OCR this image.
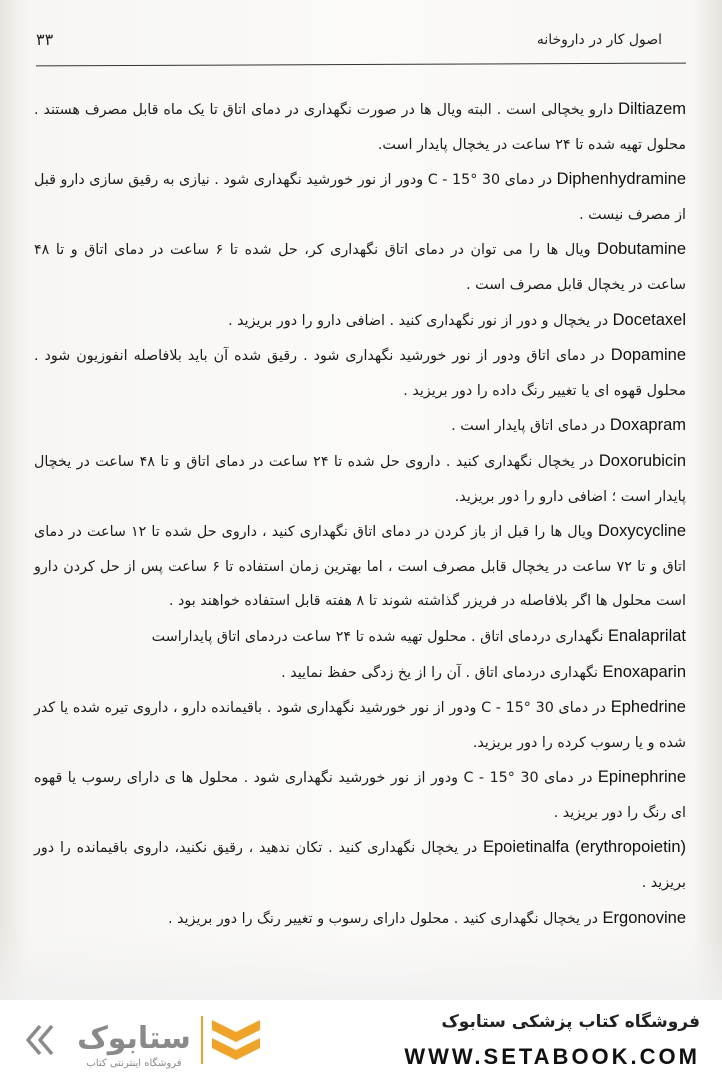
۳۳	اصول کار در داروخانه

Diltiazem دارو یخچالی است . البته ویال ها در صورت نگهداری در دمای اتاق تا یک ماه قابل مصرف هستند . محلول تهیه شده تا ۲۴ ساعت در یخچال پایدار است.

Diphenhydramine در دمای 30 °C - 15 ودور از نور خورشید نگهداری شود . نیازی به رقیق سازی دارو قبل از مصرف نیست .

Dobutamine ویال ها را می توان در دمای اتاق نگهداری کر، حل شده تا ۶ ساعت در دمای اتاق و تا ۴۸ ساعت در یخچال قابل مصرف است .

Docetaxel در یخچال و دور از نور نگهداری کنید . اضافی دارو را دور بریزید .

Dopamine در دمای اتاق ودور از نور خورشید نگهداری شود . رقیق شده آن باید بلافاصله انفوزیون شود . محلول قهوه ای یا تغییر رنگ داده را دور بریزید .

Doxapram در دمای اتاق پایدار است .

Doxorubicin در یخچال نگهداری کنید . داروی حل شده تا ۲۴ ساعت در دمای اتاق و تا ۴۸ ساعت در یخچال پایدار است ؛ اضافی دارو را دور بریزید.

Doxycycline ویال ها را قبل از باز کردن در دمای اتاق نگهداری کنید ، داروی حل شده تا ۱۲ ساعت در دمای اتاق و تا ۷۲ ساعت در یخچال قابل مصرف است ، اما بهترین زمان استفاده تا ۶ ساعت پس از حل کردن دارو است محلول ها اگر بلافاصله در فریزر گذاشته شوند تا ۸ هفته قابل استفاده خواهند بود .

Enalaprilat نگهداری دردمای اتاق . محلول تهیه شده تا ۲۴ ساعت دردمای اتاق پایداراست

Enoxaparin نگهداری دردمای اتاق . آن را از یخ زدگی حفظ نمایید .

Ephedrine در دمای 30 °C - 15 ودور از نور خورشید نگهداری شود . باقیمانده دارو ، داروی تیره شده یا کدر شده و یا رسوب کرده را دور بریزید.

Epinephrine در دمای 30 °C - 15 ودور از نور خورشید نگهداری شود . محلول ها ی دارای رسوب یا قهوه ای رنگ را دور بریزید .

Epoietinalfa (erythropoietin) در یخچال نگهداری کنید . تکان ندهید ، رقیق نکنید، داروی باقیمانده را دور بریزید .

Ergonovine در یخچال نگهداری کنید . محلول دارای رسوب و تغییر رنگ را دور بریزید .

ستابوک
فروشگاه اینترنتی کتاب
فروشگاه کتاب پزشکی ستابوک
WWW.SETABOOK.COM
